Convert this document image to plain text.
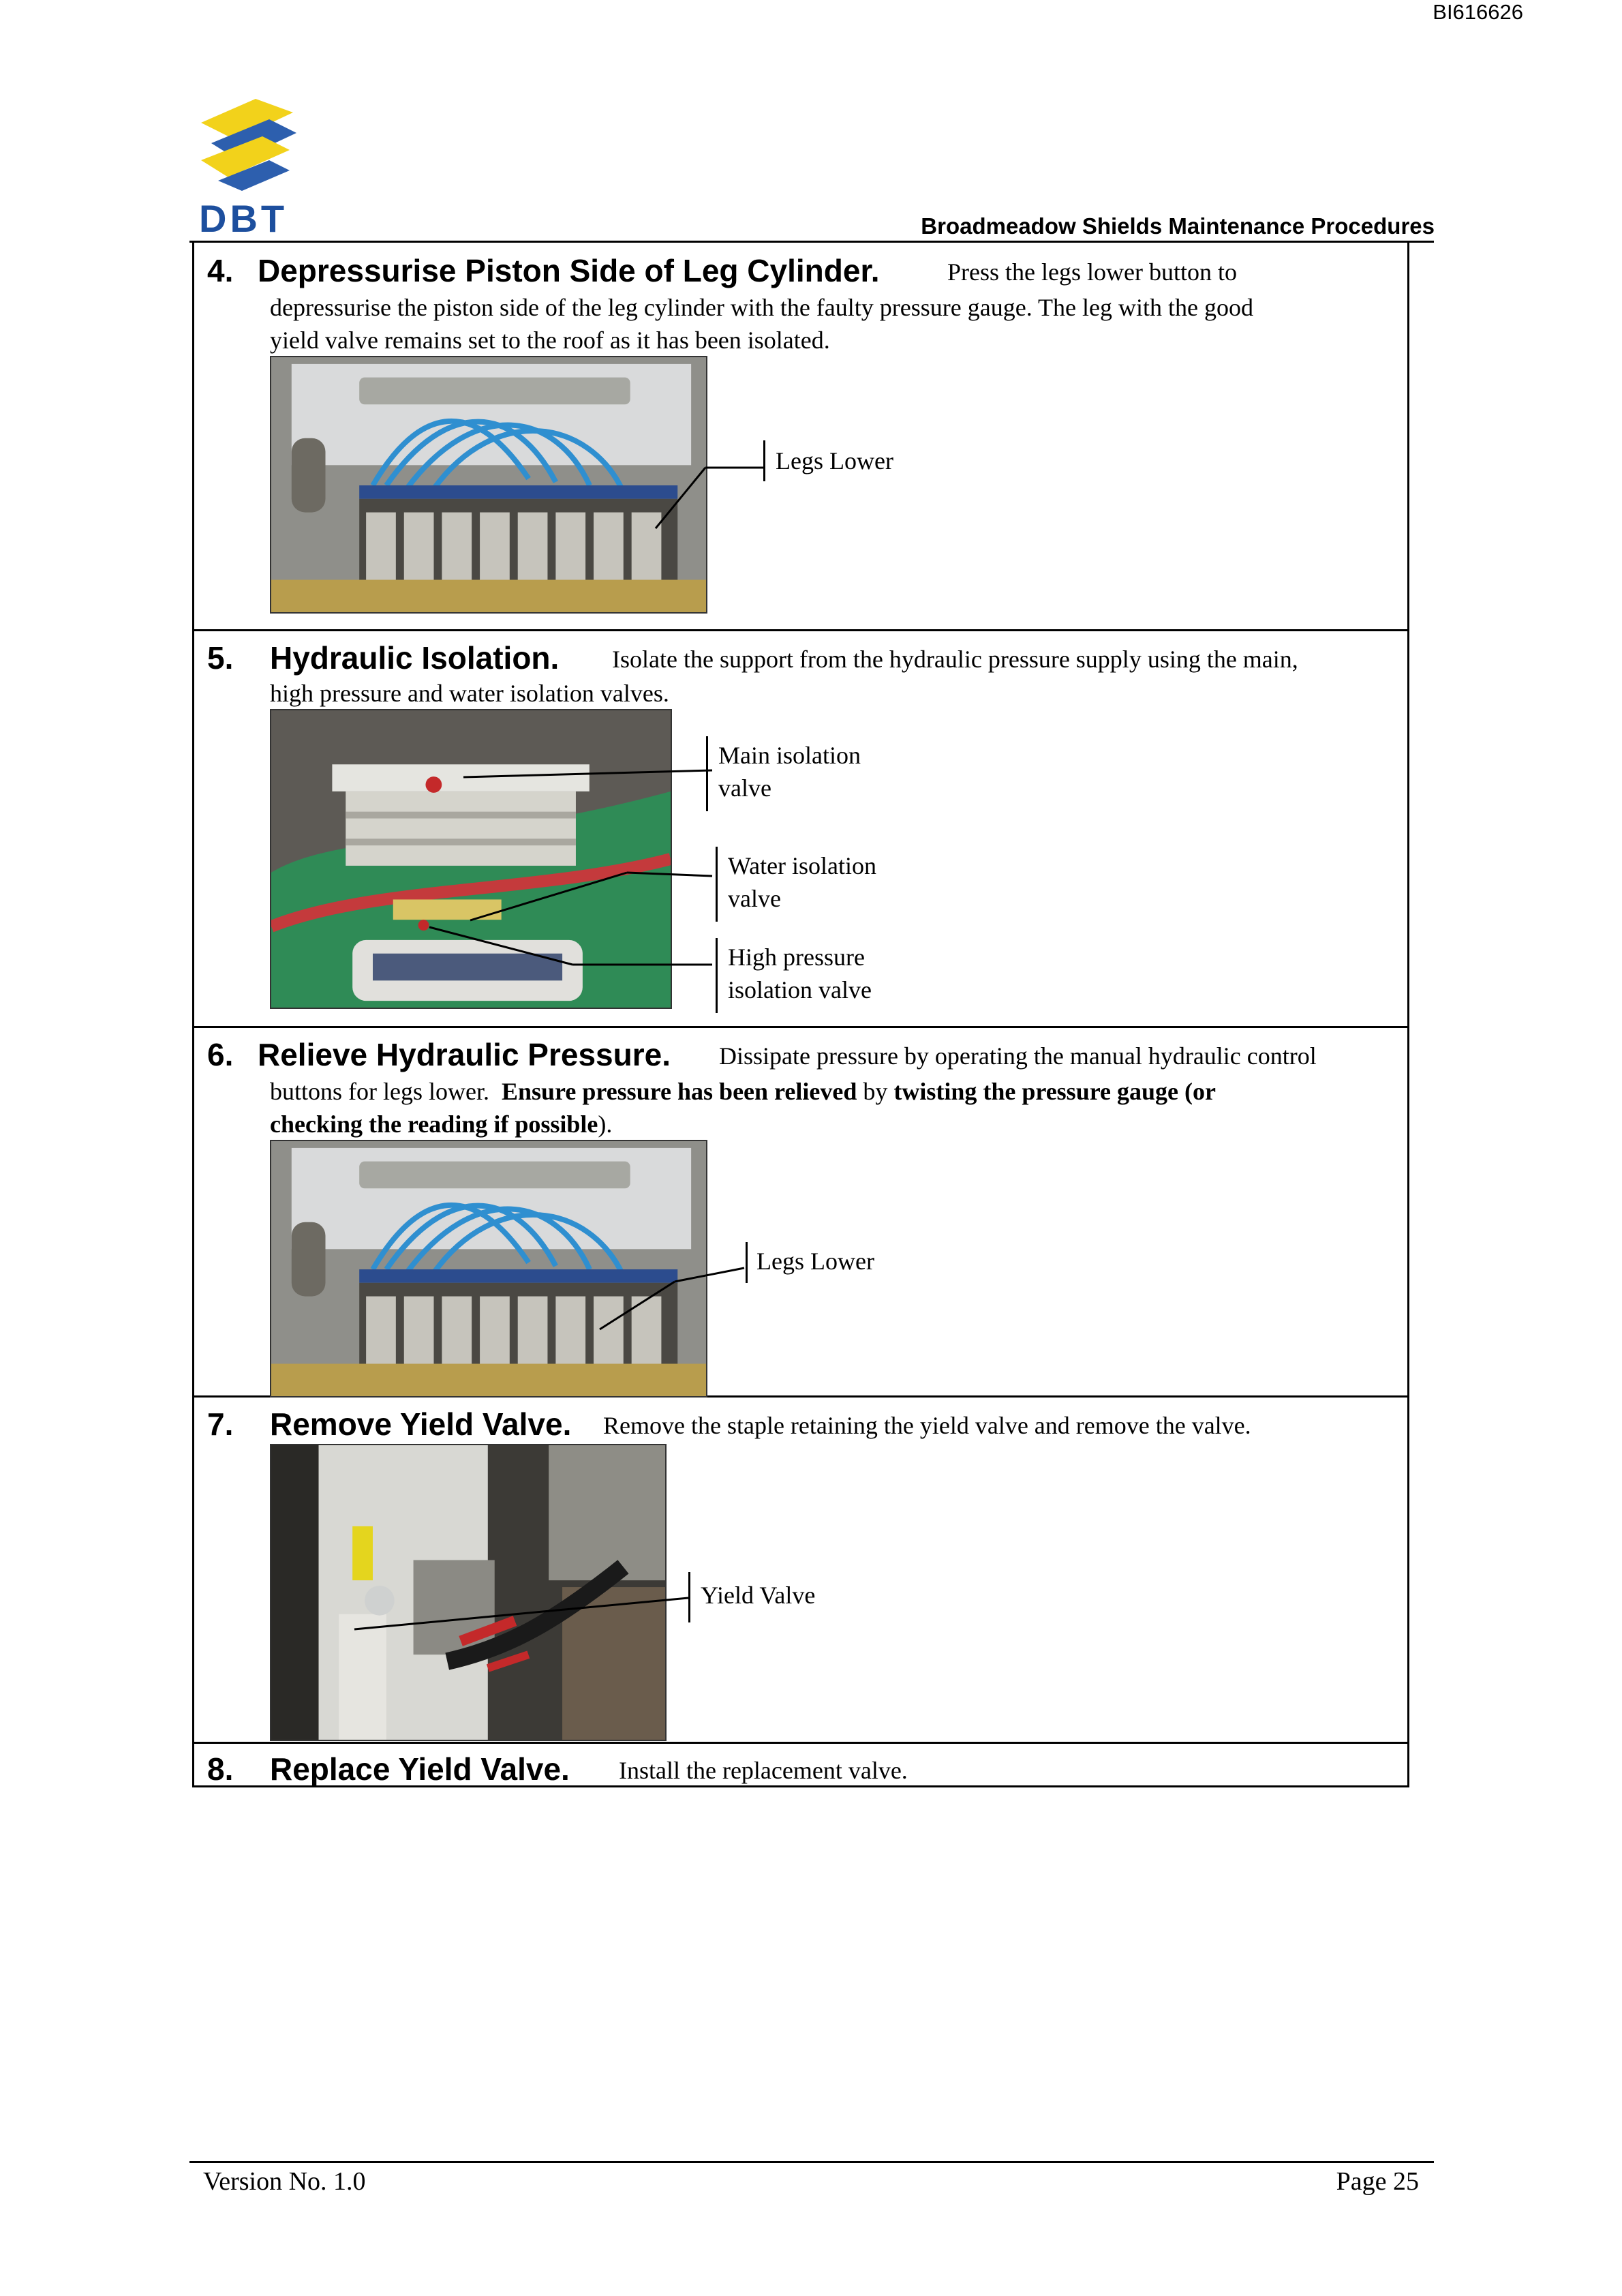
BI616626
DBT	Broadmeadow Shields Maintenance Procedures
4. Depressurise Piston Side of Leg Cylinder.	Press the legs lower button to
depressurise the piston side of the leg cylinder with the faulty pressure gauge. The leg with the good
yield valve remains set to the roof as it has been isolated.
Legs Lower
5. Hydraulic Isolation. Isolate the support from the hydraulic pressure supply using the main,
high pressure and water isolation valves.
Main isolation
valve
Water isolation
valve
High pressure
isolation valve
6. Relieve Hydraulic Pressure. Dissipate pressure by operating the manual hydraulic control
buttons for legs lower.  Ensure pressure has been relieved by twisting the pressure gauge (or
checking the reading if possible).
Legs Lower
7. Remove Yield Valve. Remove the staple retaining the yield valve and remove the valve.
Yield Valve
8. Replace Yield Valve. Install the replacement valve.
Version No. 1.0	Page 25
